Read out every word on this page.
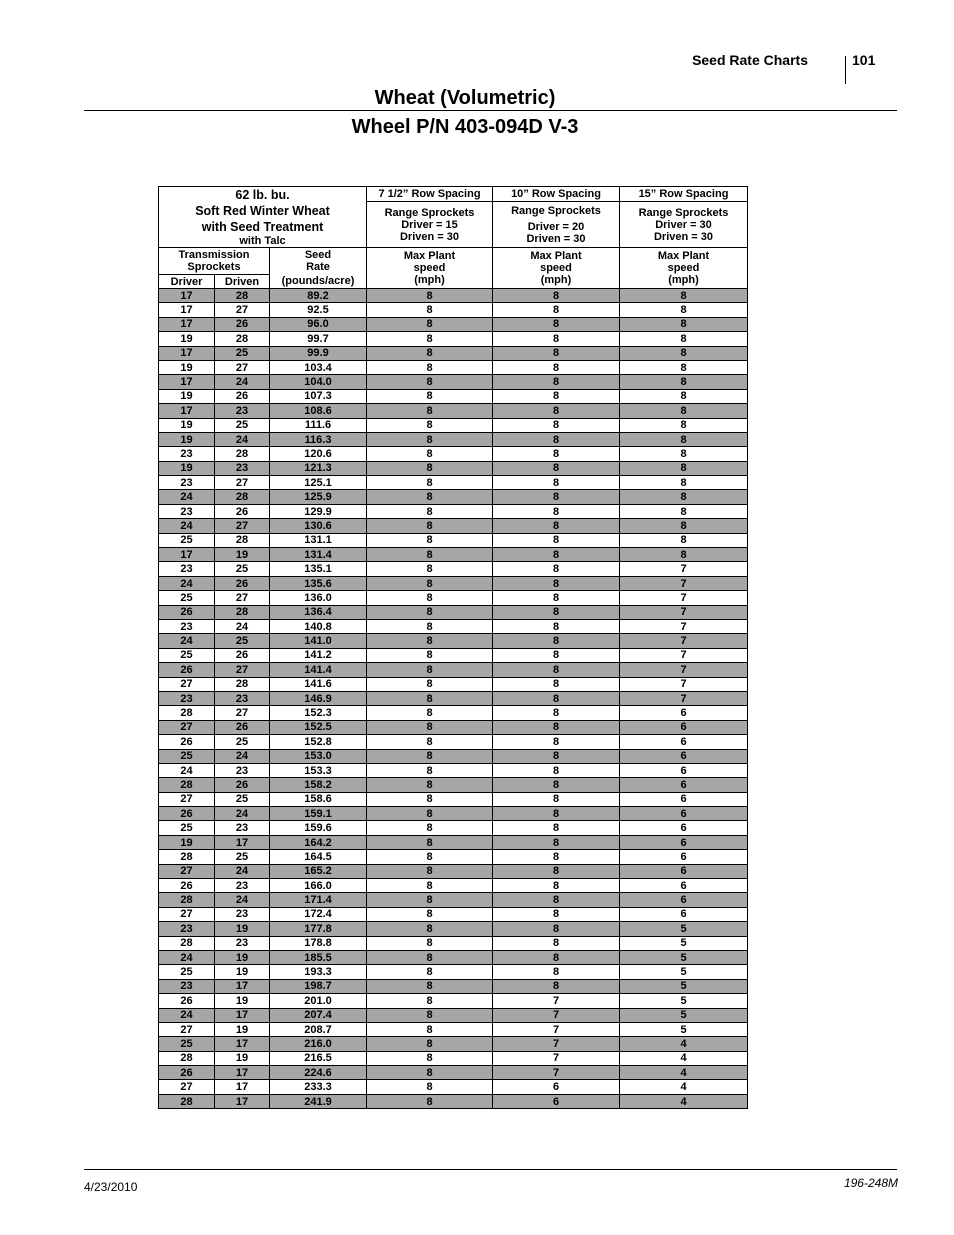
Seed Rate Charts	101
Wheat (Volumetric)
Wheel P/N 403-094D V-3
62 lb. bu.
Soft Red Winter Wheat
with Seed Treatment
with Talc			7 1/2” Row Spacing	10” Row Spacing	15” Row Spacing

			Range Sprockets
Driver = 15
Driven = 30	Range Sprockets
Driver = 20
Driven = 30	Range Sprockets
Driver = 30
Driven = 30

Transmission
Sprockets		Seed
Rate
(pounds/acre)	Max Plant
speed
(mph)	Max Plant
speed
(mph)	Max Plant
speed
(mph)

Driver	Driven				
17	28	89.2	8	8	8
17	27	92.5	8	8	8
17	26	96.0	8	8	8
19	28	99.7	8	8	8
17	25	99.9	8	8	8
19	27	103.4	8	8	8
17	24	104.0	8	8	8
19	26	107.3	8	8	8
17	23	108.6	8	8	8
19	25	111.6	8	8	8
19	24	116.3	8	8	8
23	28	120.6	8	8	8
19	23	121.3	8	8	8
23	27	125.1	8	8	8
24	28	125.9	8	8	8
23	26	129.9	8	8	8
24	27	130.6	8	8	8
25	28	131.1	8	8	8
17	19	131.4	8	8	8
23	25	135.1	8	8	7
24	26	135.6	8	8	7
25	27	136.0	8	8	7
26	28	136.4	8	8	7
23	24	140.8	8	8	7
24	25	141.0	8	8	7
25	26	141.2	8	8	7
26	27	141.4	8	8	7
27	28	141.6	8	8	7
23	23	146.9	8	8	7
28	27	152.3	8	8	6
27	26	152.5	8	8	6
26	25	152.8	8	8	6
25	24	153.0	8	8	6
24	23	153.3	8	8	6
28	26	158.2	8	8	6
27	25	158.6	8	8	6
26	24	159.1	8	8	6
25	23	159.6	8	8	6
19	17	164.2	8	8	6
28	25	164.5	8	8	6
27	24	165.2	8	8	6
26	23	166.0	8	8	6
28	24	171.4	8	8	6
27	23	172.4	8	8	6
23	19	177.8	8	8	5
28	23	178.8	8	8	5
24	19	185.5	8	8	5
25	19	193.3	8	8	5
23	17	198.7	8	8	5
26	19	201.0	8	7	5
24	17	207.4	8	7	5
27	19	208.7	8	7	5
25	17	216.0	8	7	4
28	19	216.5	8	7	4
26	17	224.6	8	7	4
27	17	233.3	8	6	4
28	17	241.9	8	6	4
4/23/2010	196-248M
